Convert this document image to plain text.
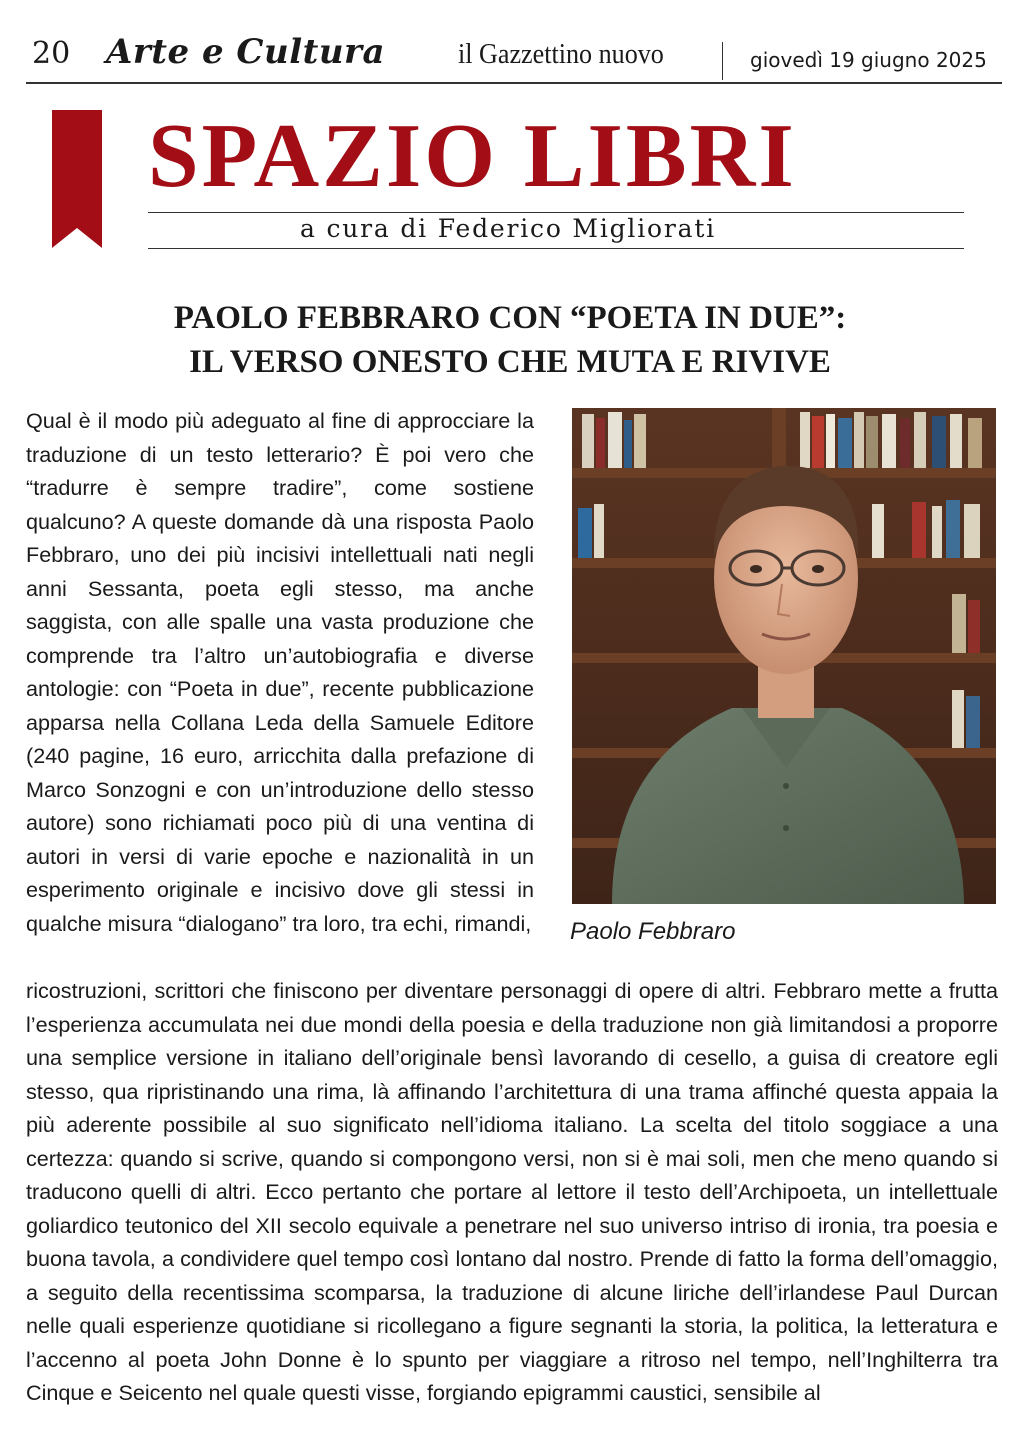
20 Arte e Cultura	il Gazzettino nuovo	giovedì 19 giugno 2025
SPAZIO LIBRI
a cura di Federico Migliorati
PAOLO FEBBRARO CON “POETA IN DUE”:
IL VERSO ONESTO CHE MUTA E RIVIVE
Qual è il modo più adeguato al fine di approcciare la traduzione di un testo letterario? È poi vero che “tradurre è sempre tradire”, come sostiene qualcuno? A queste domande dà una risposta Paolo Febbraro, uno dei più incisivi intellettuali nati negli anni Sessanta, poeta egli stesso, ma anche saggista, con alle spalle una vasta produzione che comprende tra l’altro un’autobiografia e diverse antologie: con “Poeta in due”, recente pubblicazione apparsa nella Collana Leda della Samuele Editore (240 pagine, 16 euro, arricchita dalla prefazione di Marco Sonzogni e con un’introduzione dello stesso autore) sono richiamati poco più di una ventina di autori in versi di varie epoche e nazionalità in un esperimento originale e incisivo dove gli stessi in qualche misura “dialogano” tra loro, tra echi, rimandi, Paolo Febbraro
ricostruzioni, scrittori che finiscono per diventare personaggi di opere di altri. Febbraro mette a frutta l’esperienza accumulata nei due mondi della poesia e della traduzione non già limitandosi a proporre una semplice versione in italiano dell’originale bensì lavorando di cesello, a guisa di creatore egli stesso, qua ripristinando una rima, là affinando l’architettura di una trama affinché questa appaia la più aderente possibile al suo significato nell’idioma italiano. La scelta del titolo soggiace a una certezza: quando si scrive, quando si compongono versi, non si è mai soli, men che meno quando si traducono quelli di altri. Ecco pertanto che portare al lettore il testo dell’Archipoeta, un intellettuale goliardico teutonico del XII secolo equivale a penetrare nel suo universo intriso di ironia, tra poesia e buona tavola, a condividere quel tempo così lontano dal nostro. Prende di fatto la forma dell’omaggio, a seguito della recentissima scomparsa, la traduzione di alcune liriche dell’irlandese Paul Durcan nelle quali esperienze quotidiane si ricollegano a figure segnanti la storia, la politica, la letteratura e l’accenno al poeta John Donne è lo spunto per viaggiare a ritroso nel tempo, nell’Inghilterra tra Cinque e Seicento nel quale questi visse, forgiando epigrammi caustici, sensibile al
